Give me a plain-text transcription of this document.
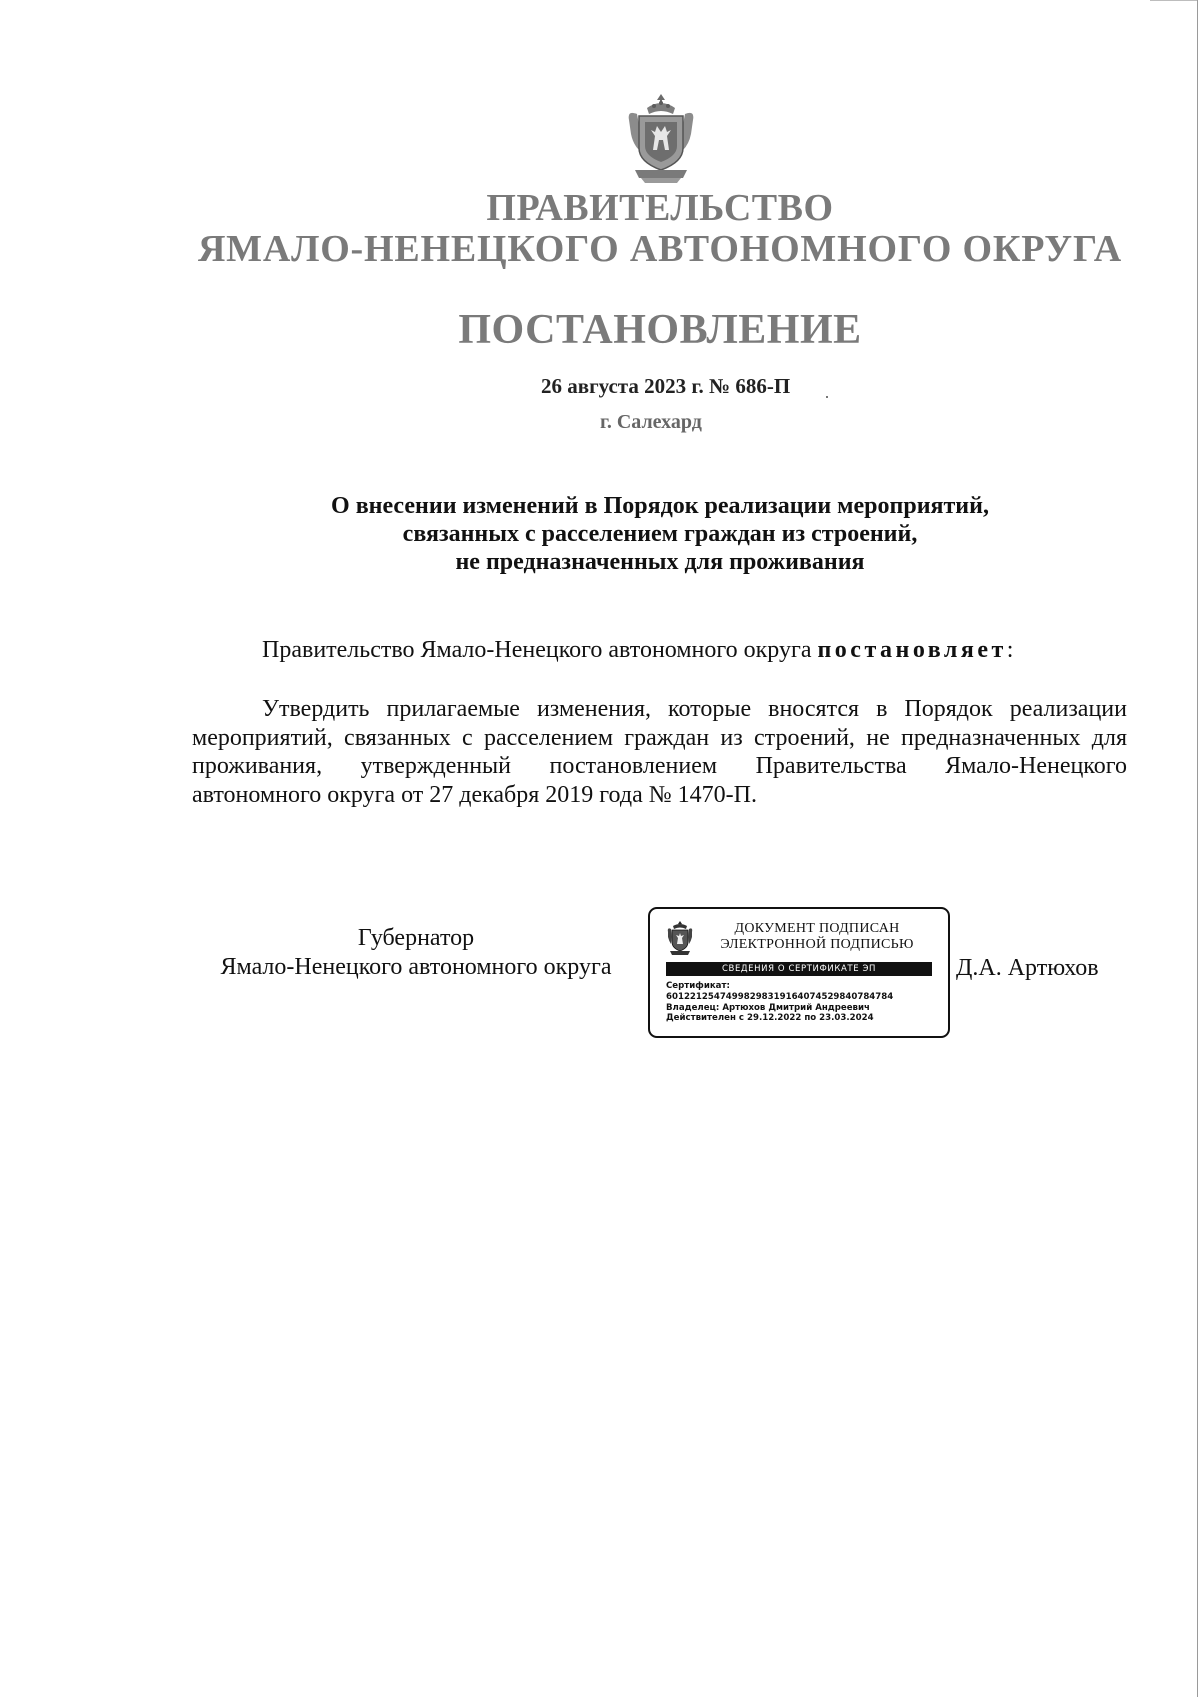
ПРАВИТЕЛЬСТВО
ЯМАЛО-НЕНЕЦКОГО АВТОНОМНОГО ОКРУГА
ПОСТАНОВЛЕНИЕ
26 августа 2023 г. № 686-П
г. Салехард
О внесении изменений в Порядок реализации мероприятий,
связанных с расселением граждан из строений,
не предназначенных для проживания
Правительство Ямало-Ненецкого автономного округа постановляет:
Утвердить прилагаемые изменения, которые вносятся в Порядок реализации мероприятий, связанных с расселением граждан из строений, не предназначенных для проживания, утвержденный постановлением Правительства Ямало-Ненецкого автономного округа от 27 декабря 2019 года № 1470-П.
Губернатор
Ямало-Ненецкого автономного округа
ДОКУМЕНТ ПОДПИСАН
ЭЛЕКТРОННОЙ ПОДПИСЬЮ
СВЕДЕНИЯ О СЕРТИФИКАТЕ ЭП
Сертификат:
601221254749982983191640745298407847​84
Владелец: Артюхов Дмитрий Андреевич
Действителен с 29.12.2022 по 23.03.2024
Д.А. Артюхов
